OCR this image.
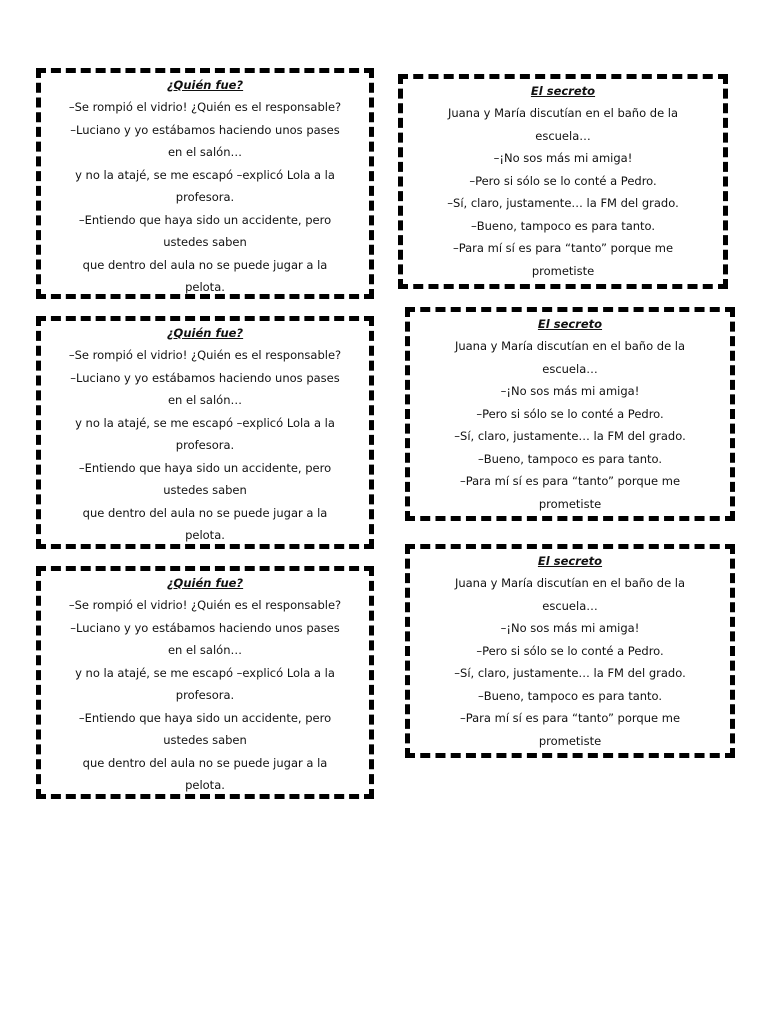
¿Quién fue?
–Se rompió el vidrio! ¿Quién es el responsable?
–Luciano y yo estábamos haciendo unos pases
en el salón…
y no la atajé, se me escapó –explicó Lola a la
profesora.
–Entiendo que haya sido un accidente, pero
ustedes saben
que dentro del aula no se puede jugar a la
pelota.
¿Quién fue?
–Se rompió el vidrio! ¿Quién es el responsable?
–Luciano y yo estábamos haciendo unos pases
en el salón…
y no la atajé, se me escapó –explicó Lola a la
profesora.
–Entiendo que haya sido un accidente, pero
ustedes saben
que dentro del aula no se puede jugar a la
pelota.
¿Quién fue?
–Se rompió el vidrio! ¿Quién es el responsable?
–Luciano y yo estábamos haciendo unos pases
en el salón…
y no la atajé, se me escapó –explicó Lola a la
profesora.
–Entiendo que haya sido un accidente, pero
ustedes saben
que dentro del aula no se puede jugar a la
pelota.
El secreto
Juana y María discutían en el baño de la
escuela…
–¡No sos más mi amiga!
–Pero si sólo se lo conté a Pedro.
–Sí, claro, justamente… la FM del grado.
–Bueno, tampoco es para tanto.
–Para mí sí es para “tanto” porque me
prometiste
El secreto
Juana y María discutían en el baño de la
escuela…
–¡No sos más mi amiga!
–Pero si sólo se lo conté a Pedro.
–Sí, claro, justamente… la FM del grado.
–Bueno, tampoco es para tanto.
–Para mí sí es para “tanto” porque me
prometiste
El secreto
Juana y María discutían en el baño de la
escuela…
–¡No sos más mi amiga!
–Pero si sólo se lo conté a Pedro.
–Sí, claro, justamente… la FM del grado.
–Bueno, tampoco es para tanto.
–Para mí sí es para “tanto” porque me
prometiste
